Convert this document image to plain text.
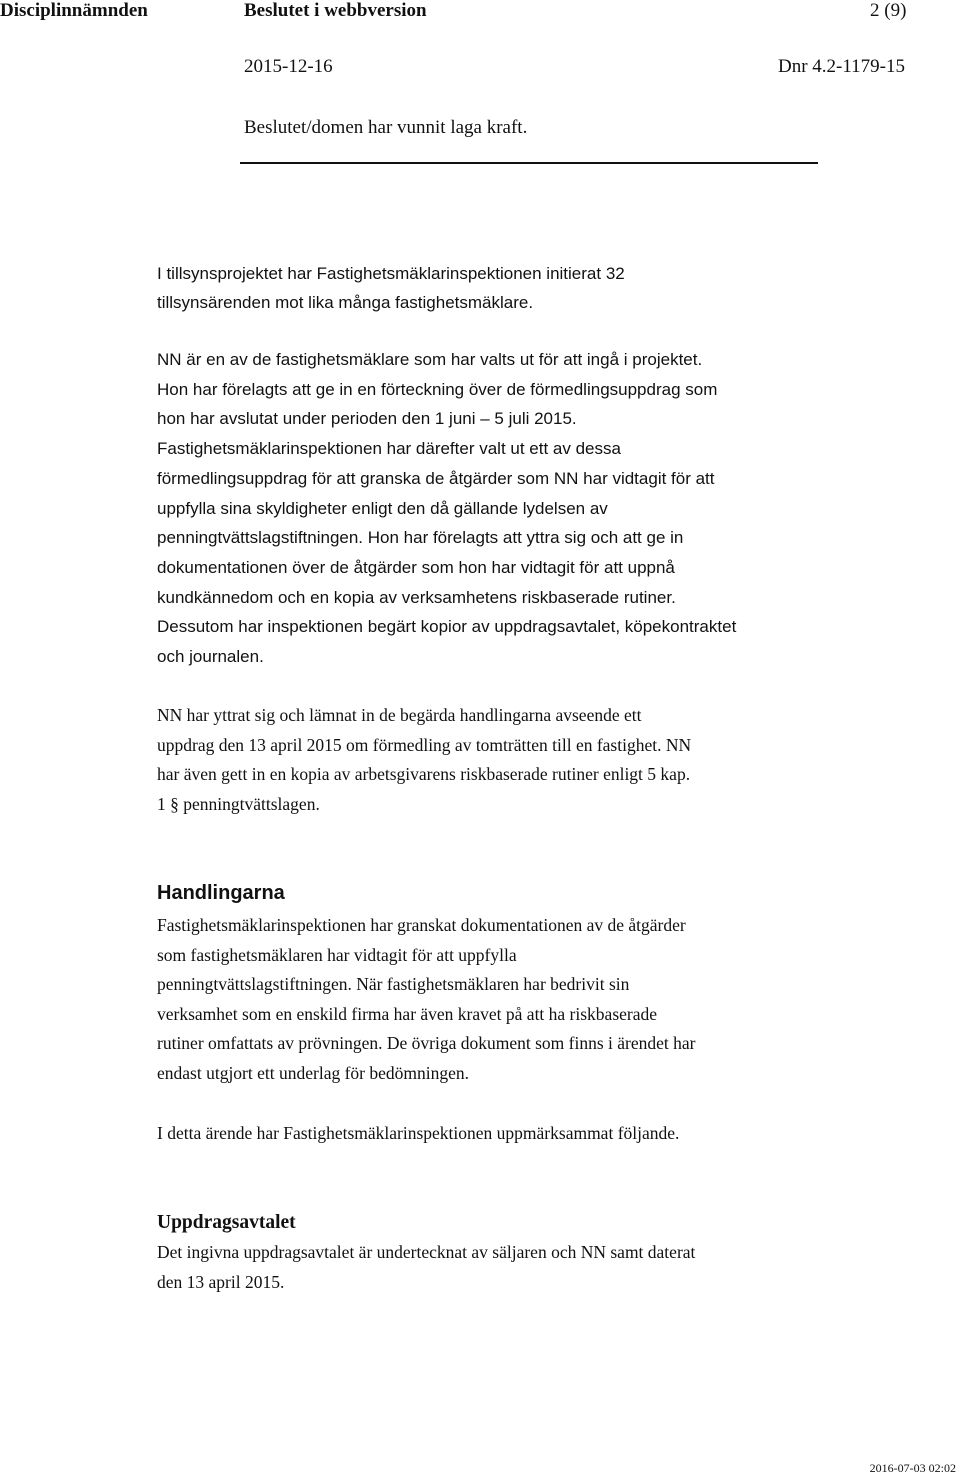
Disciplinnämnden	Beslutet i webbversion	2 (9)
2015-12-16	Dnr 4.2-1179-15
Beslutet/domen har vunnit laga kraft.
I tillsynsprojektet har Fastighetsmäklarinspektionen initierat 32
tillsynsärenden mot lika många fastighetsmäklare.
NN är en av de fastighetsmäklare som har valts ut för att ingå i projektet.
Hon har förelagts att ge in en förteckning över de förmedlingsuppdrag som
hon har avslutat under perioden den 1 juni – 5 juli 2015.
Fastighetsmäklarinspektionen har därefter valt ut ett av dessa
förmedlingsuppdrag för att granska de åtgärder som NN har vidtagit för att
uppfylla sina skyldigheter enligt den då gällande lydelsen av
penningtvättslagstiftningen. Hon har förelagts att yttra sig och att ge in
dokumentationen över de åtgärder som hon har vidtagit för att uppnå
kundkännedom och en kopia av verksamhetens riskbaserade rutiner.
Dessutom har inspektionen begärt kopior av uppdragsavtalet, köpekontraktet
och journalen.
NN har yttrat sig och lämnat in de begärda handlingarna avseende ett
uppdrag den 13 april 2015 om förmedling av tomträtten till en fastighet. NN
har även gett in en kopia av arbetsgivarens riskbaserade rutiner enligt 5 kap.
1 § penningtvättslagen.
Handlingarna
Fastighetsmäklarinspektionen har granskat dokumentationen av de åtgärder
som fastighetsmäklaren har vidtagit för att uppfylla
penningtvättslagstiftningen. När fastighetsmäklaren har bedrivit sin
verksamhet som en enskild firma har även kravet på att ha riskbaserade
rutiner omfattats av prövningen. De övriga dokument som finns i ärendet har
endast utgjort ett underlag för bedömningen.
I detta ärende har Fastighetsmäklarinspektionen uppmärksammat följande.
Uppdragsavtalet
Det ingivna uppdragsavtalet är undertecknat av säljaren och NN samt daterat
den 13 april 2015.
2016-07-03 02:02
